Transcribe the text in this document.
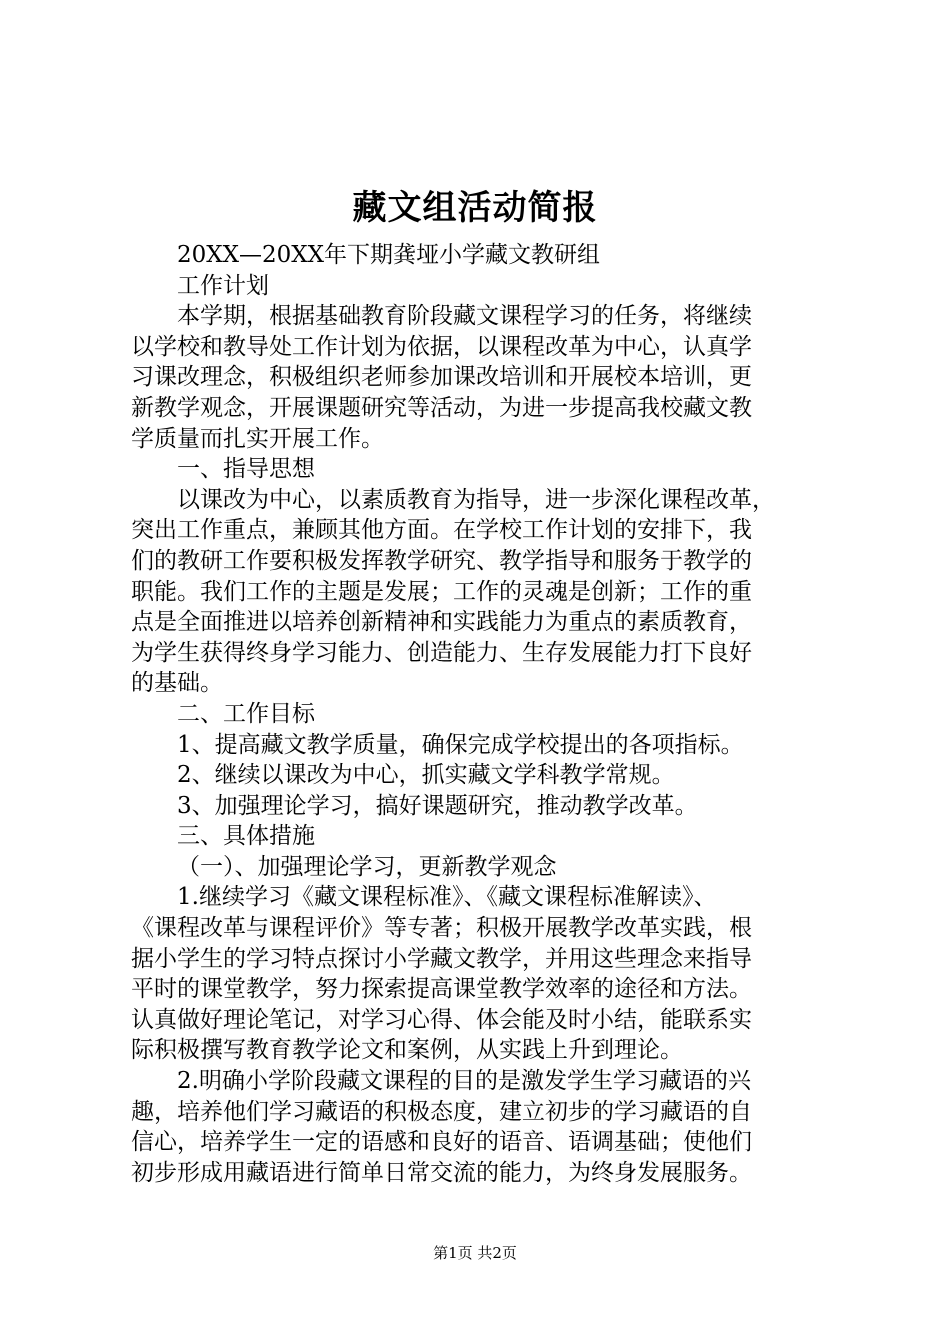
藏文组活动简报
20XX—20XX年下期龚垭小学藏文教研组
工作计划
本学期，根据基础教育阶段藏文课程学习的任务，将继续
以学校和教导处工作计划为依据，以课程改革为中心，认真学
习课改理念，积极组织老师参加课改培训和开展校本培训，更
新教学观念，开展课题研究等活动，为进一步提高我校藏文教
学质量而扎实开展工作。
一、指导思想
以课改为中心，以素质教育为指导，进一步深化课程改革，
突出工作重点，兼顾其他方面。在学校工作计划的安排下，我
们的教研工作要积极发挥教学研究、教学指导和服务于教学的
职能。我们工作的主题是发展；工作的灵魂是创新；工作的重
点是全面推进以培养创新精神和实践能力为重点的素质教育，
为学生获得终身学习能力、创造能力、生存发展能力打下良好
的基础。
二、工作目标
1、提高藏文教学质量，确保完成学校提出的各项指标。
2、继续以课改为中心，抓实藏文学科教学常规。
3、加强理论学习，搞好课题研究，推动教学改革。
三、具体措施
（一）、加强理论学习，更新教学观念
1.继续学习《藏文课程标准》、《藏文课程标准解读》、
《课程改革与课程评价》等专著；积极开展教学改革实践，根
据小学生的学习特点探讨小学藏文教学，并用这些理念来指导
平时的课堂教学，努力探索提高课堂教学效率的途径和方法。
认真做好理论笔记，对学习心得、体会能及时小结，能联系实
际积极撰写教育教学论文和案例，从实践上升到理论。
2.明确小学阶段藏文课程的目的是激发学生学习藏语的兴
趣，培养他们学习藏语的积极态度，建立初步的学习藏语的自
信心，培养学生一定的语感和良好的语音、语调基础；使他们
初步形成用藏语进行简单日常交流的能力，为终身发展服务。
第1页 共2页
